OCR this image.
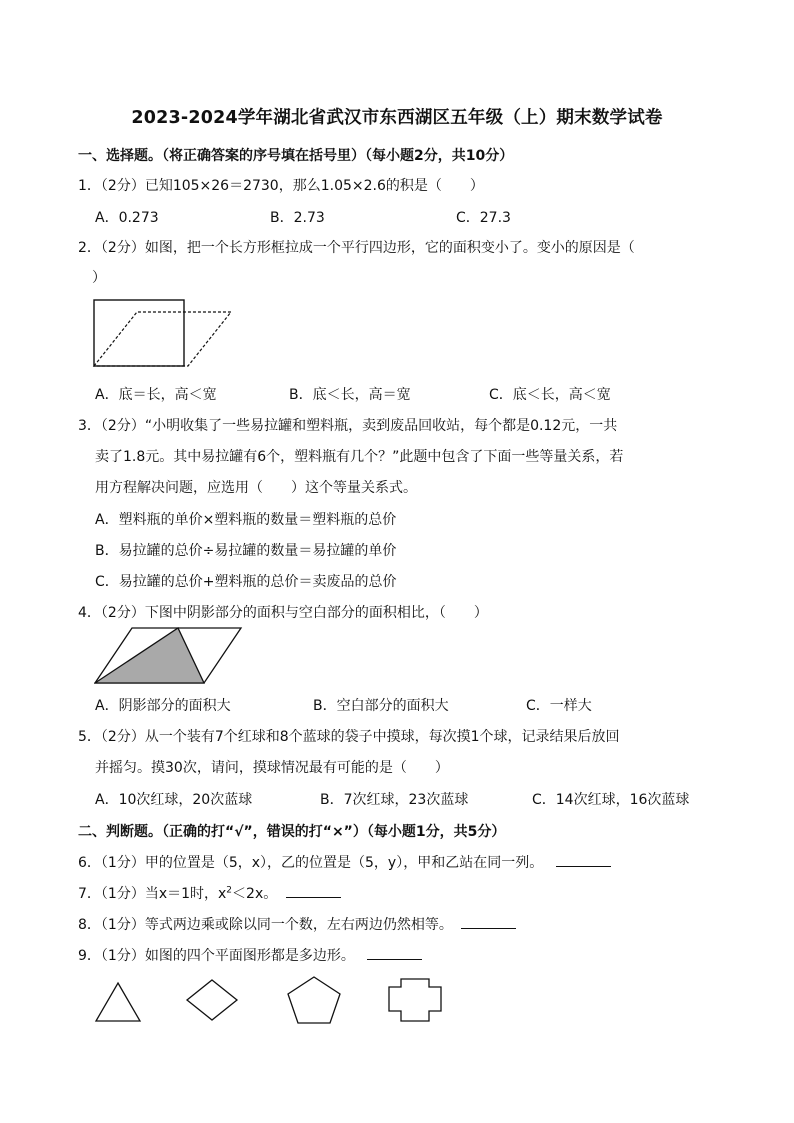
2023-2024学年湖北省武汉市东西湖区五年级（上）期末数学试卷
一、选择题。（将正确答案的序号填在括号里）（每小题2分，共10分）
1．（2分）已知105×26＝2730，那么1.05×2.6的积是（　　）
A．0.273	B．2.73	C．27.3
2．（2分）如图，把一个长方形框拉成一个平行四边形，它的面积变小了。变小的原因是（
）
A．底＝长，高＜宽	B．底＜长，高＝宽	C．底＜长，高＜宽
3．（2分）“小明收集了一些易拉罐和塑料瓶，卖到废品回收站，每个都是0.12元，一共
卖了1.8元。其中易拉罐有6个，塑料瓶有几个？”此题中包含了下面一些等量关系，若
用方程解决问题，应选用（　　）这个等量关系式。
A．塑料瓶的单价×塑料瓶的数量＝塑料瓶的总价
B．易拉罐的总价÷易拉罐的数量＝易拉罐的单价
C．易拉罐的总价+塑料瓶的总价＝卖废品的总价
4．（2分）下图中阴影部分的面积与空白部分的面积相比，（　　）
A．阴影部分的面积大	B．空白部分的面积大	C．一样大
5．（2分）从一个装有7个红球和8个蓝球的袋子中摸球，每次摸1个球，记录结果后放回
并摇匀。摸30次，请问，摸球情况最有可能的是（　　）
A．10次红球，20次蓝球	B．7次红球，23次蓝球	C．14次红球，16次蓝球
二、判断题。（正确的打“√”，错误的打“×”）（每小题1分，共5分）
6．（1分）甲的位置是（5，x），乙的位置是（5，y），甲和乙站在同一列。
7．（1分）当x＝1时，$x^2<2x$。
8．（1分）等式两边乘或除以同一个数，左右两边仍然相等。
9．（1分）如图的四个平面图形都是多边形。
